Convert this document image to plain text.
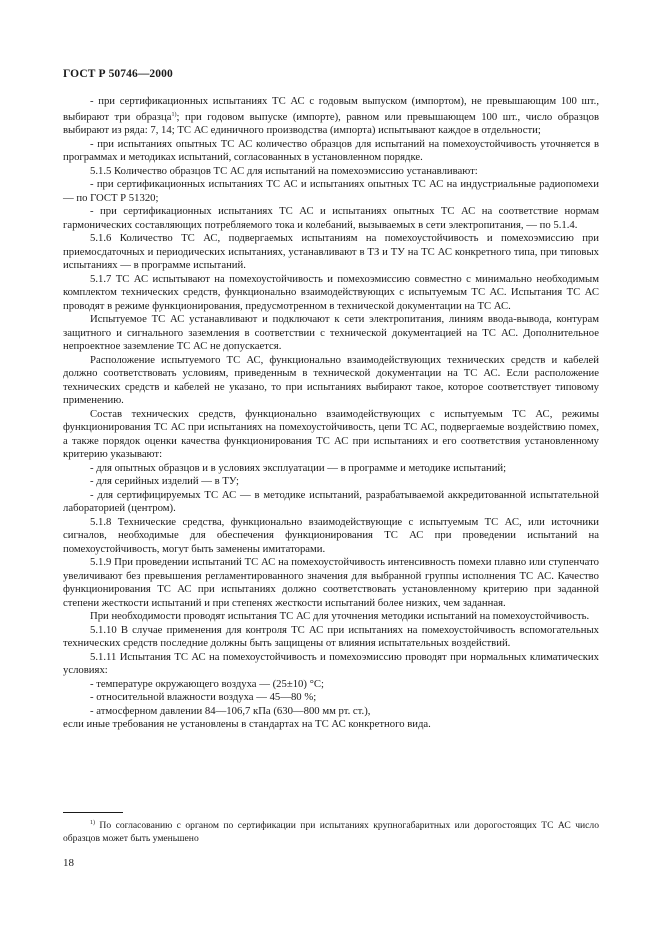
ГОСТ Р 50746—2000

- при сертификационных испытаниях ТС АС с годовым выпуском (импортом), не превышающим 100 шт., выбирают три образца$^{1)}$; при годовом выпуске (импорте), равном или превышающем 100 шт., число образцов выбирают из ряда: 7, 14; ТС АС единичного производства (импорта) испытывают каждое в отдельности;

- при испытаниях опытных ТС АС количество образцов для испытаний на помехоустойчивость уточняется в программах и методиках испытаний, согласованных в установленном порядке.

5.1.5 Количество образцов ТС АС для испытаний на помехоэмиссию устанавливают:

- при сертификационных испытаниях ТС АС и испытаниях опытных ТС АС на индустриальные радиопомехи — по ГОСТ Р 51320;

- при сертификационных испытаниях ТС АС и испытаниях опытных ТС АС на соответствие нормам гармонических составляющих потребляемого тока и колебаний, вызываемых в сети электропитания, — по 5.1.4.

5.1.6 Количество ТС АС, подвергаемых испытаниям на помехоустойчивость и помехоэмиссию при приемосдаточных и периодических испытаниях, устанавливают в ТЗ и ТУ на ТС АС конкретного типа, при типовых испытаниях — в программе испытаний.

5.1.7 ТС АС испытывают на помехоустойчивость и помехоэмиссию совместно с минимально необходимым комплектом технических средств, функционально взаимодействующих с испытуемым ТС АС. Испытания ТС АС проводят в режиме функционирования, предусмотренном в технической документации на ТС АС.

Испытуемое ТС АС устанавливают и подключают к сети электропитания, линиям ввода-вывода, контурам защитного и сигнального заземления в соответствии с технической документацией на ТС АС. Дополнительное непроектное заземление ТС АС не допускается.

Расположение испытуемого ТС АС, функционально взаимодействующих технических средств и кабелей должно соответствовать условиям, приведенным в технической документации на ТС АС. Если расположение технических средств и кабелей не указано, то при испытаниях выбирают такое, которое соответствует типовому применению.

Состав технических средств, функционально взаимодействующих с испытуемым ТС АС, режимы функционирования ТС АС при испытаниях на помехоустойчивость, цепи ТС АС, подвергаемые воздействию помех, а также порядок оценки качества функционирования ТС АС при испытаниях и его соответствия установленному критерию указывают:

- для опытных образцов и в условиях эксплуатации — в программе и методике испытаний;

- для серийных изделий — в ТУ;

- для сертифицируемых ТС АС — в методике испытаний, разрабатываемой аккредитованной испытательной лабораторией (центром).

5.1.8 Технические средства, функционально взаимодействующие с испытуемым ТС АС, или источники сигналов, необходимые для обеспечения функционирования ТС АС при проведении испытаний на помехоустойчивость, могут быть заменены имитаторами.

5.1.9 При проведении испытаний ТС АС на помехоустойчивость интенсивность помехи плавно или ступенчато увеличивают без превышения регламентированного значения для выбранной группы исполнения ТС АС. Качество функционирования ТС АС при испытаниях должно соответствовать установленному критерию при заданной степени жесткости испытаний и при степенях жесткости испытаний более низких, чем заданная.

При необходимости проводят испытания ТС АС для уточнения методики испытаний на помехоустойчивость.

5.1.10 В случае применения для контроля ТС АС при испытаниях на помехоустойчивость вспомогательных технических средств последние должны быть защищены от влияния испытательных воздействий.

5.1.11 Испытания ТС АС на помехоустойчивость и помехоэмиссию проводят при нормальных климатических условиях:

- температуре окружающего воздуха — (25±10) °С;

- относительной влажности воздуха — 45—80 %;

- атмосферном давлении 84—106,7 кПа (630—800 мм рт. ст.),

если иные требования не установлены в стандартах на ТС АС конкретного вида.

$^{1)}$ По согласованию с органом по сертификации при испытаниях крупногабаритных или дорогостоящих ТС АС число образцов может быть уменьшено
18
